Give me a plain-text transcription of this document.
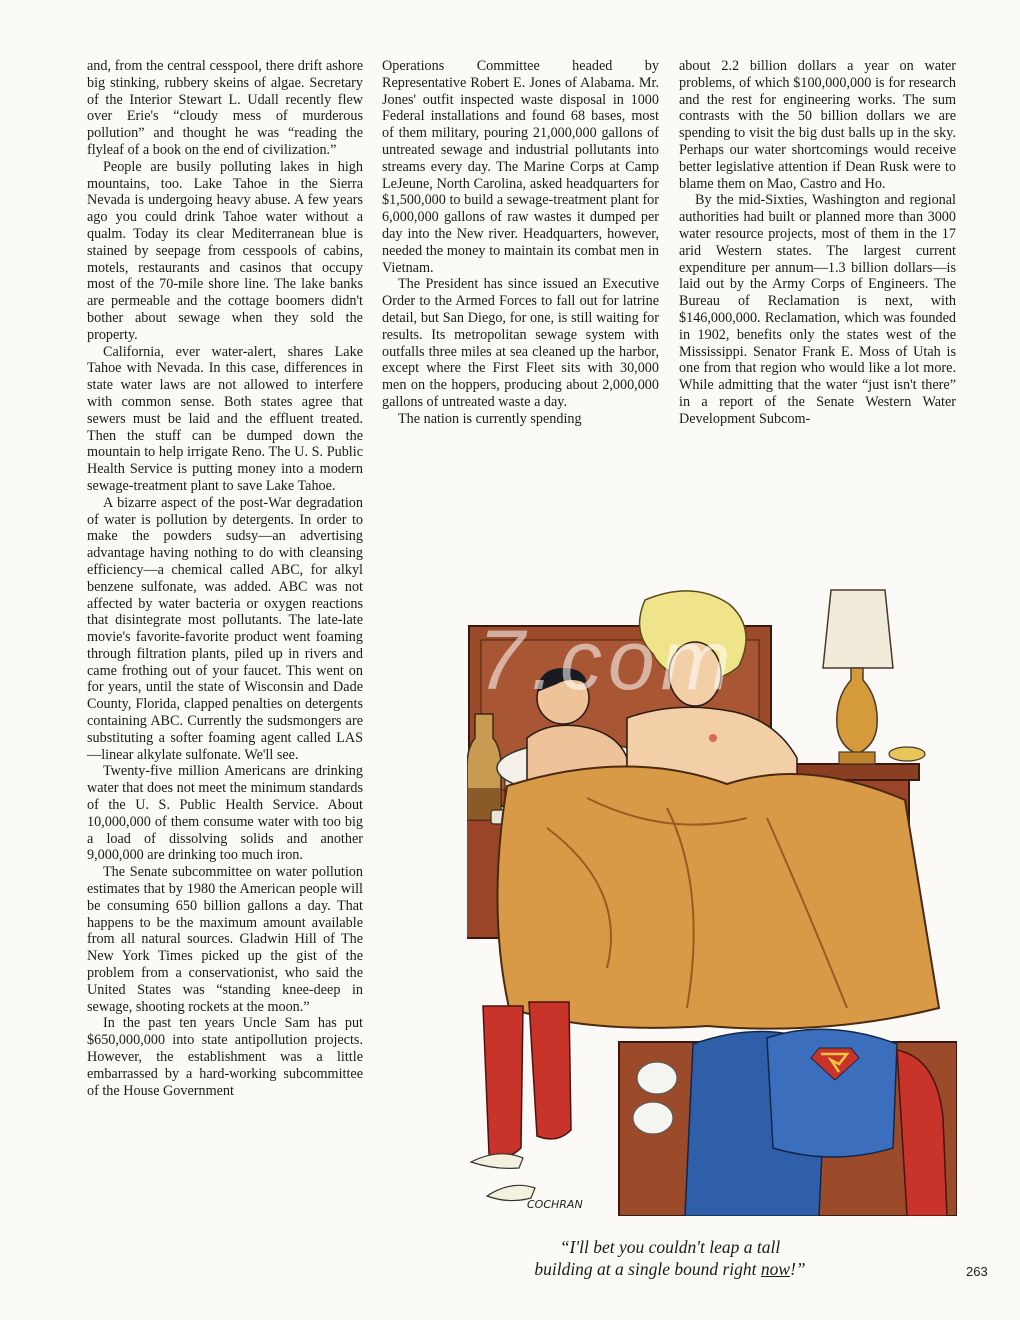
and, from the central cesspool, there drift ashore big stinking, rubbery skeins of algae. Secretary of the Interior Stewart L. Udall recently flew over Erie's “cloudy mess of murderous pollution” and thought he was “reading the flyleaf of a book on the end of civilization.”

People are busily polluting lakes in high mountains, too. Lake Tahoe in the Sierra Nevada is undergoing heavy abuse. A few years ago you could drink Tahoe water without a qualm. Today its clear Mediterranean blue is stained by seepage from cesspools of cabins, motels, restaurants and casinos that occupy most of the 70-mile shore line. The lake banks are permeable and the cottage boomers didn't bother about sewage when they sold the property.

California, ever water-alert, shares Lake Tahoe with Nevada. In this case, differences in state water laws are not allowed to interfere with common sense. Both states agree that sewers must be laid and the effluent treated. Then the stuff can be dumped down the mountain to help irrigate Reno. The U. S. Public Health Service is putting money into a modern sewage-treatment plant to save Lake Tahoe.

A bizarre aspect of the post-War degradation of water is pollution by detergents. In order to make the powders sudsy—an advertising advantage having nothing to do with cleansing efficiency—a chemical called ABC, for alkyl benzene sulfonate, was added. ABC was not affected by water bacteria or oxygen reactions that disintegrate most pollutants. The late-late movie's favorite-favorite product went foaming through filtration plants, piled up in rivers and came frothing out of your faucet. This went on for years, until the state of Wisconsin and Dade County, Florida, clapped penalties on detergents containing ABC. Currently the sudsmongers are substituting a softer foaming agent called LAS—linear alkylate sulfonate. We'll see.

Twenty-five million Americans are drinking water that does not meet the minimum standards of the U. S. Public Health Service. About 10,000,000 of them consume water with too big a load of dissolving solids and another 9,000,000 are drinking too much iron.

The Senate subcommittee on water pollution estimates that by 1980 the American people will be consuming 650 billion gallons a day. That happens to be the maximum amount available from all natural sources. Gladwin Hill of The New York Times picked up the gist of the problem from a conservationist, who said the United States was “standing knee-deep in sewage, shooting rockets at the moon.”

In the past ten years Uncle Sam has put $650,000,000 into state antipollution projects. However, the establishment was a little embarrassed by a hard-working subcommittee of the House Government

Operations Committee headed by Representative Robert E. Jones of Alabama. Mr. Jones' outfit inspected waste disposal in 1000 Federal installations and found 68 bases, most of them military, pouring 21,000,000 gallons of untreated sewage and industrial pollutants into streams every day. The Marine Corps at Camp LeJeune, North Carolina, asked headquarters for $1,500,000 to build a sewage-treatment plant for 6,000,000 gallons of raw wastes it dumped per day into the New river. Headquarters, however, needed the money to maintain its combat men in Vietnam.

The President has since issued an Executive Order to the Armed Forces to fall out for latrine detail, but San Diego, for one, is still waiting for results. Its metropolitan sewage system with outfalls three miles at sea cleaned up the harbor, except where the First Fleet sits with 30,000 men on the hoppers, producing about 2,000,000 gallons of untreated waste a day.

The nation is currently spending

about 2.2 billion dollars a year on water problems, of which $100,000,000 is for research and the rest for engineering works. The sum contrasts with the 50 billion dollars we are spending to visit the big dust balls up in the sky. Perhaps our water shortcomings would receive better legislative attention if Dean Rusk were to blame them on Mao, Castro and Ho.

By the mid-Sixties, Washington and regional authorities had built or planned more than 3000 water resource projects, most of them in the 17 arid Western states. The largest current expenditure per annum—1.3 billion dollars—is laid out by the Army Corps of Engineers. The Bureau of Reclamation is next, with $146,000,000. Reclamation, which was founded in 1902, benefits only the states west of the Mississippi. Senator Frank E. Moss of Utah is one from that region who would like a lot more. While admitting that the water “just isn't there” in a report of the Senate Western Water Development Subcom-

COCHRAN
7.com
“I'll bet you couldn't leap a tall
building at a single bound right now!”	263
